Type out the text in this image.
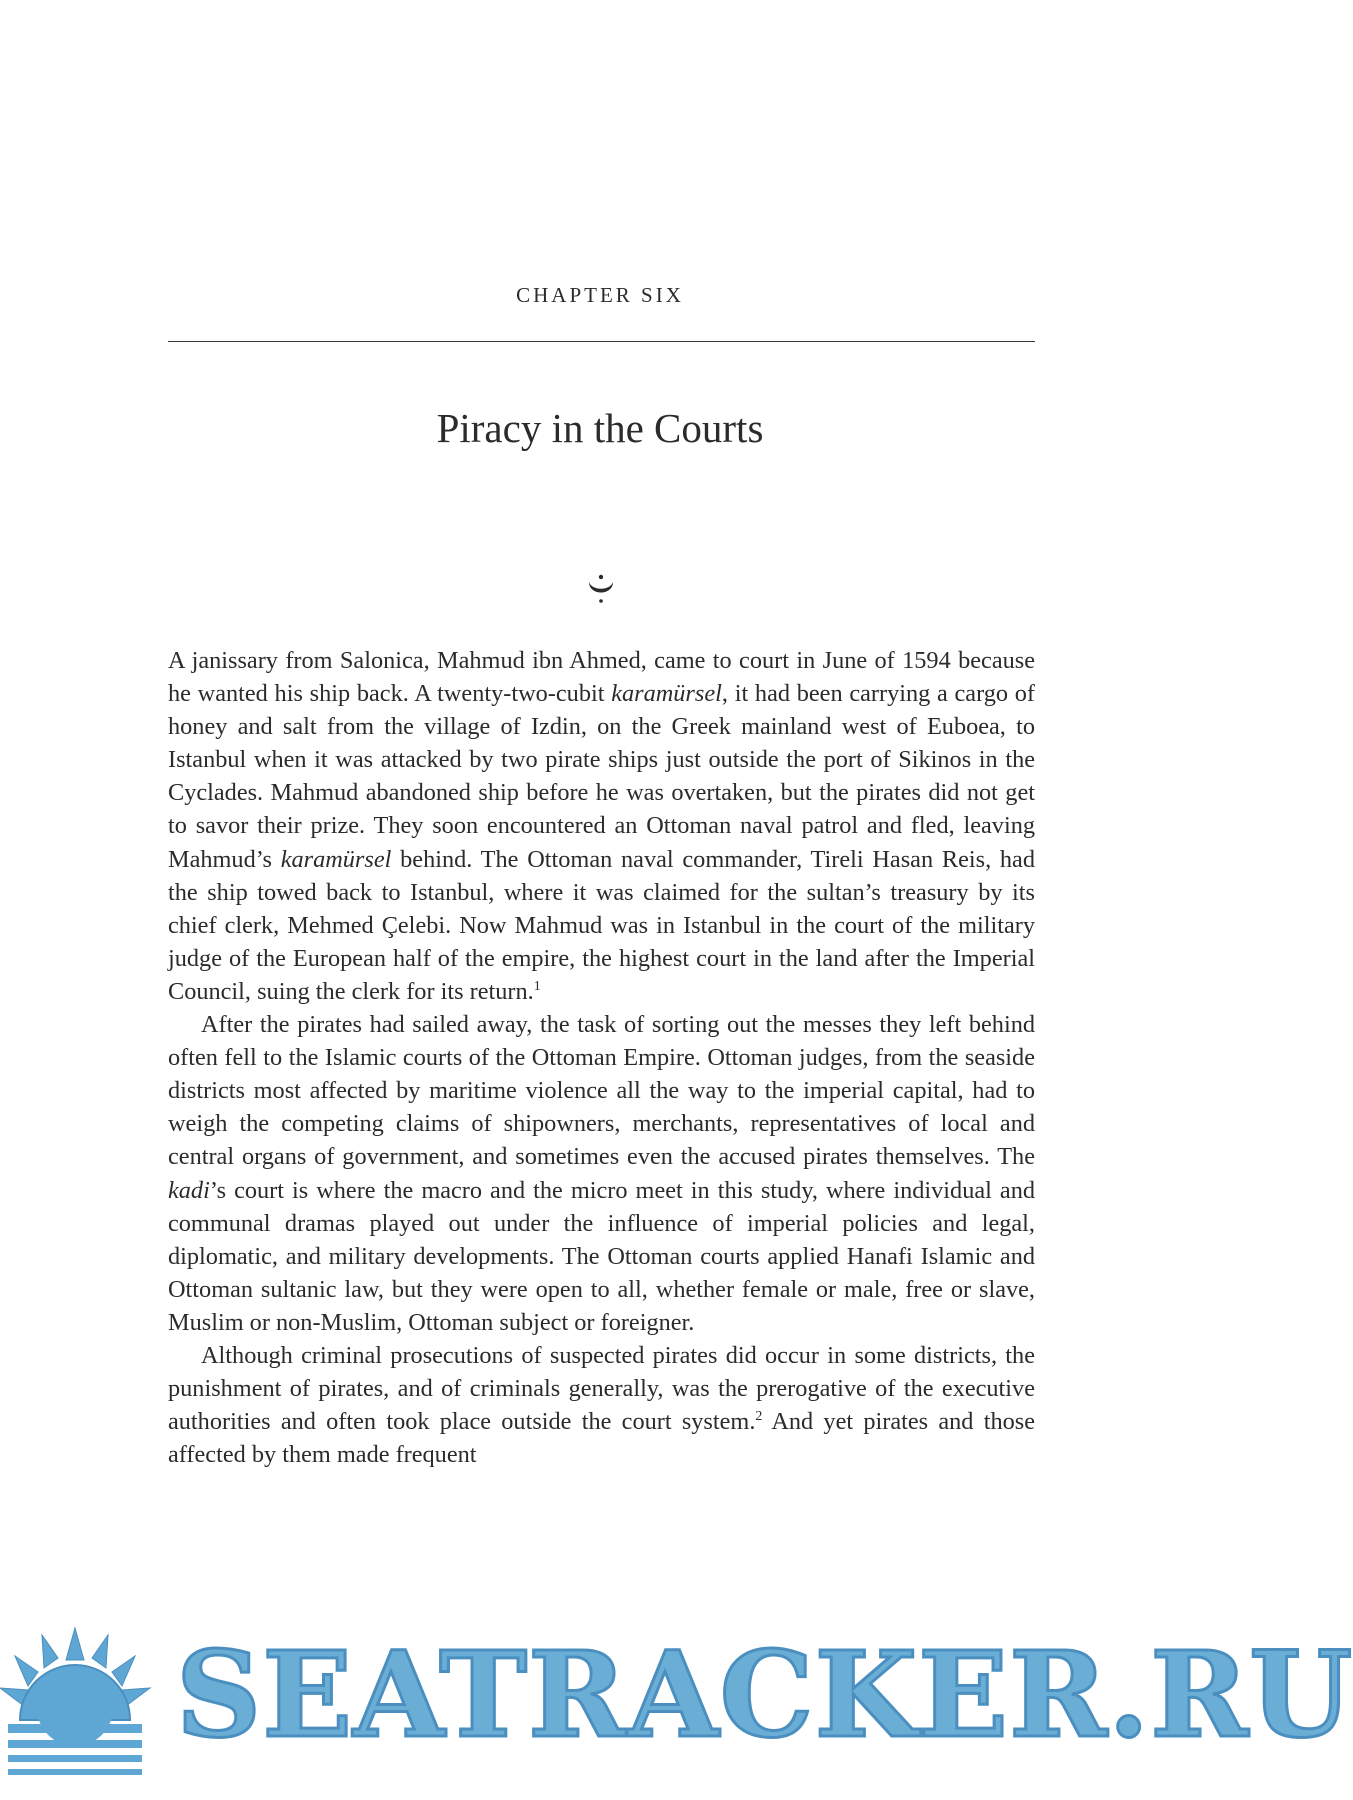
CHAPTER SIX
Piracy in the Courts

A janissary from Salonica, Mahmud ibn Ahmed, came to court in June of 1594 because he wanted his ship back. A twenty-two-cubit karamürsel, it had been carrying a cargo of honey and salt from the village of Izdin, on the Greek mainland west of Euboea, to Istanbul when it was attacked by two pirate ships just outside the port of Sikinos in the Cyclades. Mahmud abandoned ship before he was overtaken, but the pirates did not get to savor their prize. They soon encountered an Ottoman naval patrol and fled, leaving Mahmud’s karamürsel behind. The Ottoman naval commander, Tireli Hasan Reis, had the ship towed back to Istanbul, where it was claimed for the sultan’s treasury by its chief clerk, Mehmed Çelebi. Now Mahmud was in Istanbul in the court of the military judge of the European half of the empire, the highest court in the land after the Imperial Council, suing the clerk for its return.$^1$

After the pirates had sailed away, the task of sorting out the messes they left behind often fell to the Islamic courts of the Ottoman Empire. Ottoman judges, from the seaside districts most affected by maritime violence all the way to the imperial capital, had to weigh the competing claims of shipowners, merchants, representatives of local and central organs of government, and sometimes even the accused pirates themselves. The kadi’s court is where the macro and the micro meet in this study, where individual and communal dramas played out under the influence of imperial policies and legal, diplomatic, and military developments. The Ottoman courts applied Hanafi Islamic and Ottoman sultanic law, but they were open to all, whether female or male, free or slave, Muslim or non-Muslim, Ottoman subject or foreigner.

Although criminal prosecutions of suspected pirates did occur in some districts, the punishment of pirates, and of criminals generally, was the prerogative of the executive authorities and often took place outside the court system.$^2$ And yet pirates and those affected by them made frequent

SEATRACKER.RU
